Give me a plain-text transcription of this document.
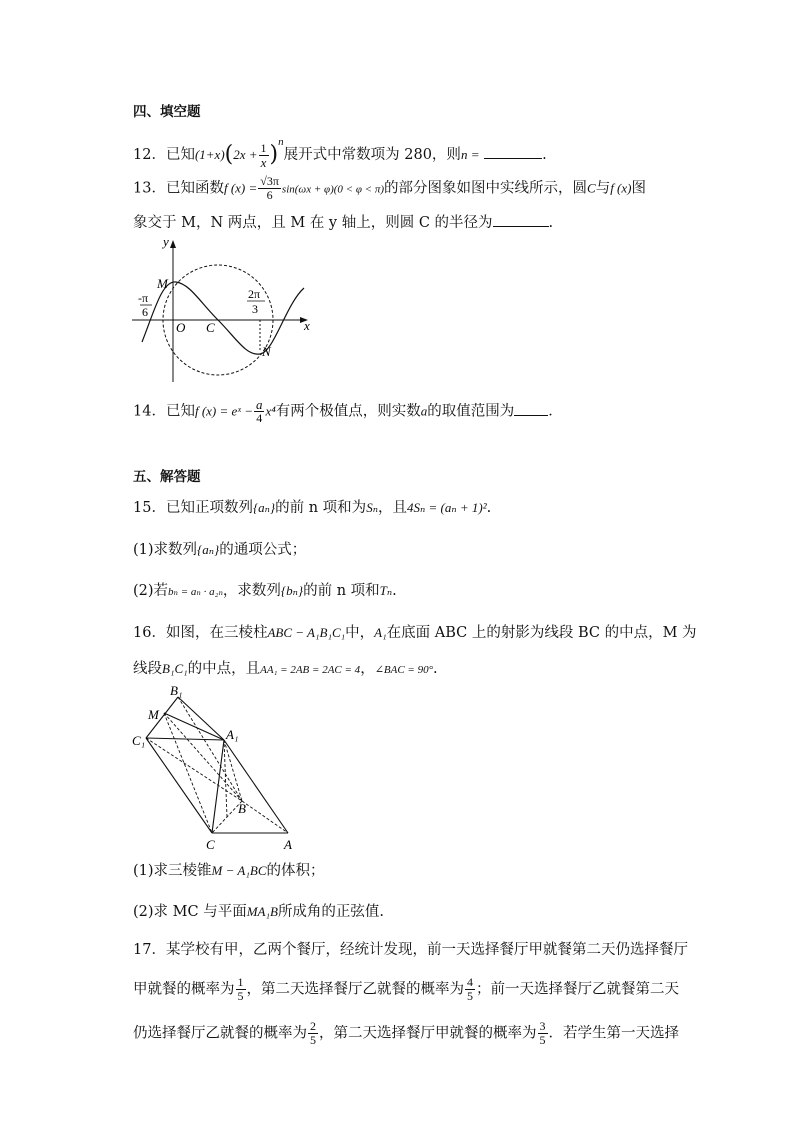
四、填空题
12．已知$(1+x)(2x + \frac{1}{x} )^n$展开式中常数项为 280，则n =	.
13．已知函数f $(x) = \frac{√3\pi}{6} \sin(\omega x + \varphi)(0 < \varphi < \pi)$的部分图象如图中实线所示，圆C与f (x)图
象交于 M，N 两点，且 M 在 y 轴上，则圆 C 的半径为	.
y
x
M
O C
N
-π
6
2π
3
14．已知f (x) = eˣ − $\frac{a}{4} x^4$有两个极值点，则实数a的取值范围为 ．
五、解答题
15．已知正项数列{aₙ}的前 n 项和为Sₙ，且4Sₙ = (aₙ + 1)².
(1)求数列{aₙ}的通项公式；
(2)若bₙ = aₙ · a₂ₙ，求数列{bₙ}的前 n 项和Tₙ.
16．如图，在三棱柱ABC − A₁B₁C₁中，A₁在底面 ABC 上的射影为线段 BC 的中点，M 为
线段B₁C₁的中点，且AA₁ = 2AB = 2AC = 4，∠BAC = 90°.
B₁
M
C₁	A₁
B
C	A
(1)求三棱锥M − A₁BC的体积；
(2)求 MC 与平面MA₁B所成角的正弦值.
17．某学校有甲，乙两个餐厅，经统计发现，前一天选择餐厅甲就餐第二天仍选择餐厅
甲就餐的概率为 $\frac{1}{5}$ ，第二天选择餐厅乙就餐的概率为 $\frac{4}{5}$ ；前一天选择餐厅乙就餐第二天
仍选择餐厅乙就餐的概率为 $\frac{2}{5}$ ，第二天选择餐厅甲就餐的概率为 $\frac{3}{5}$ ．若学生第一天选择
